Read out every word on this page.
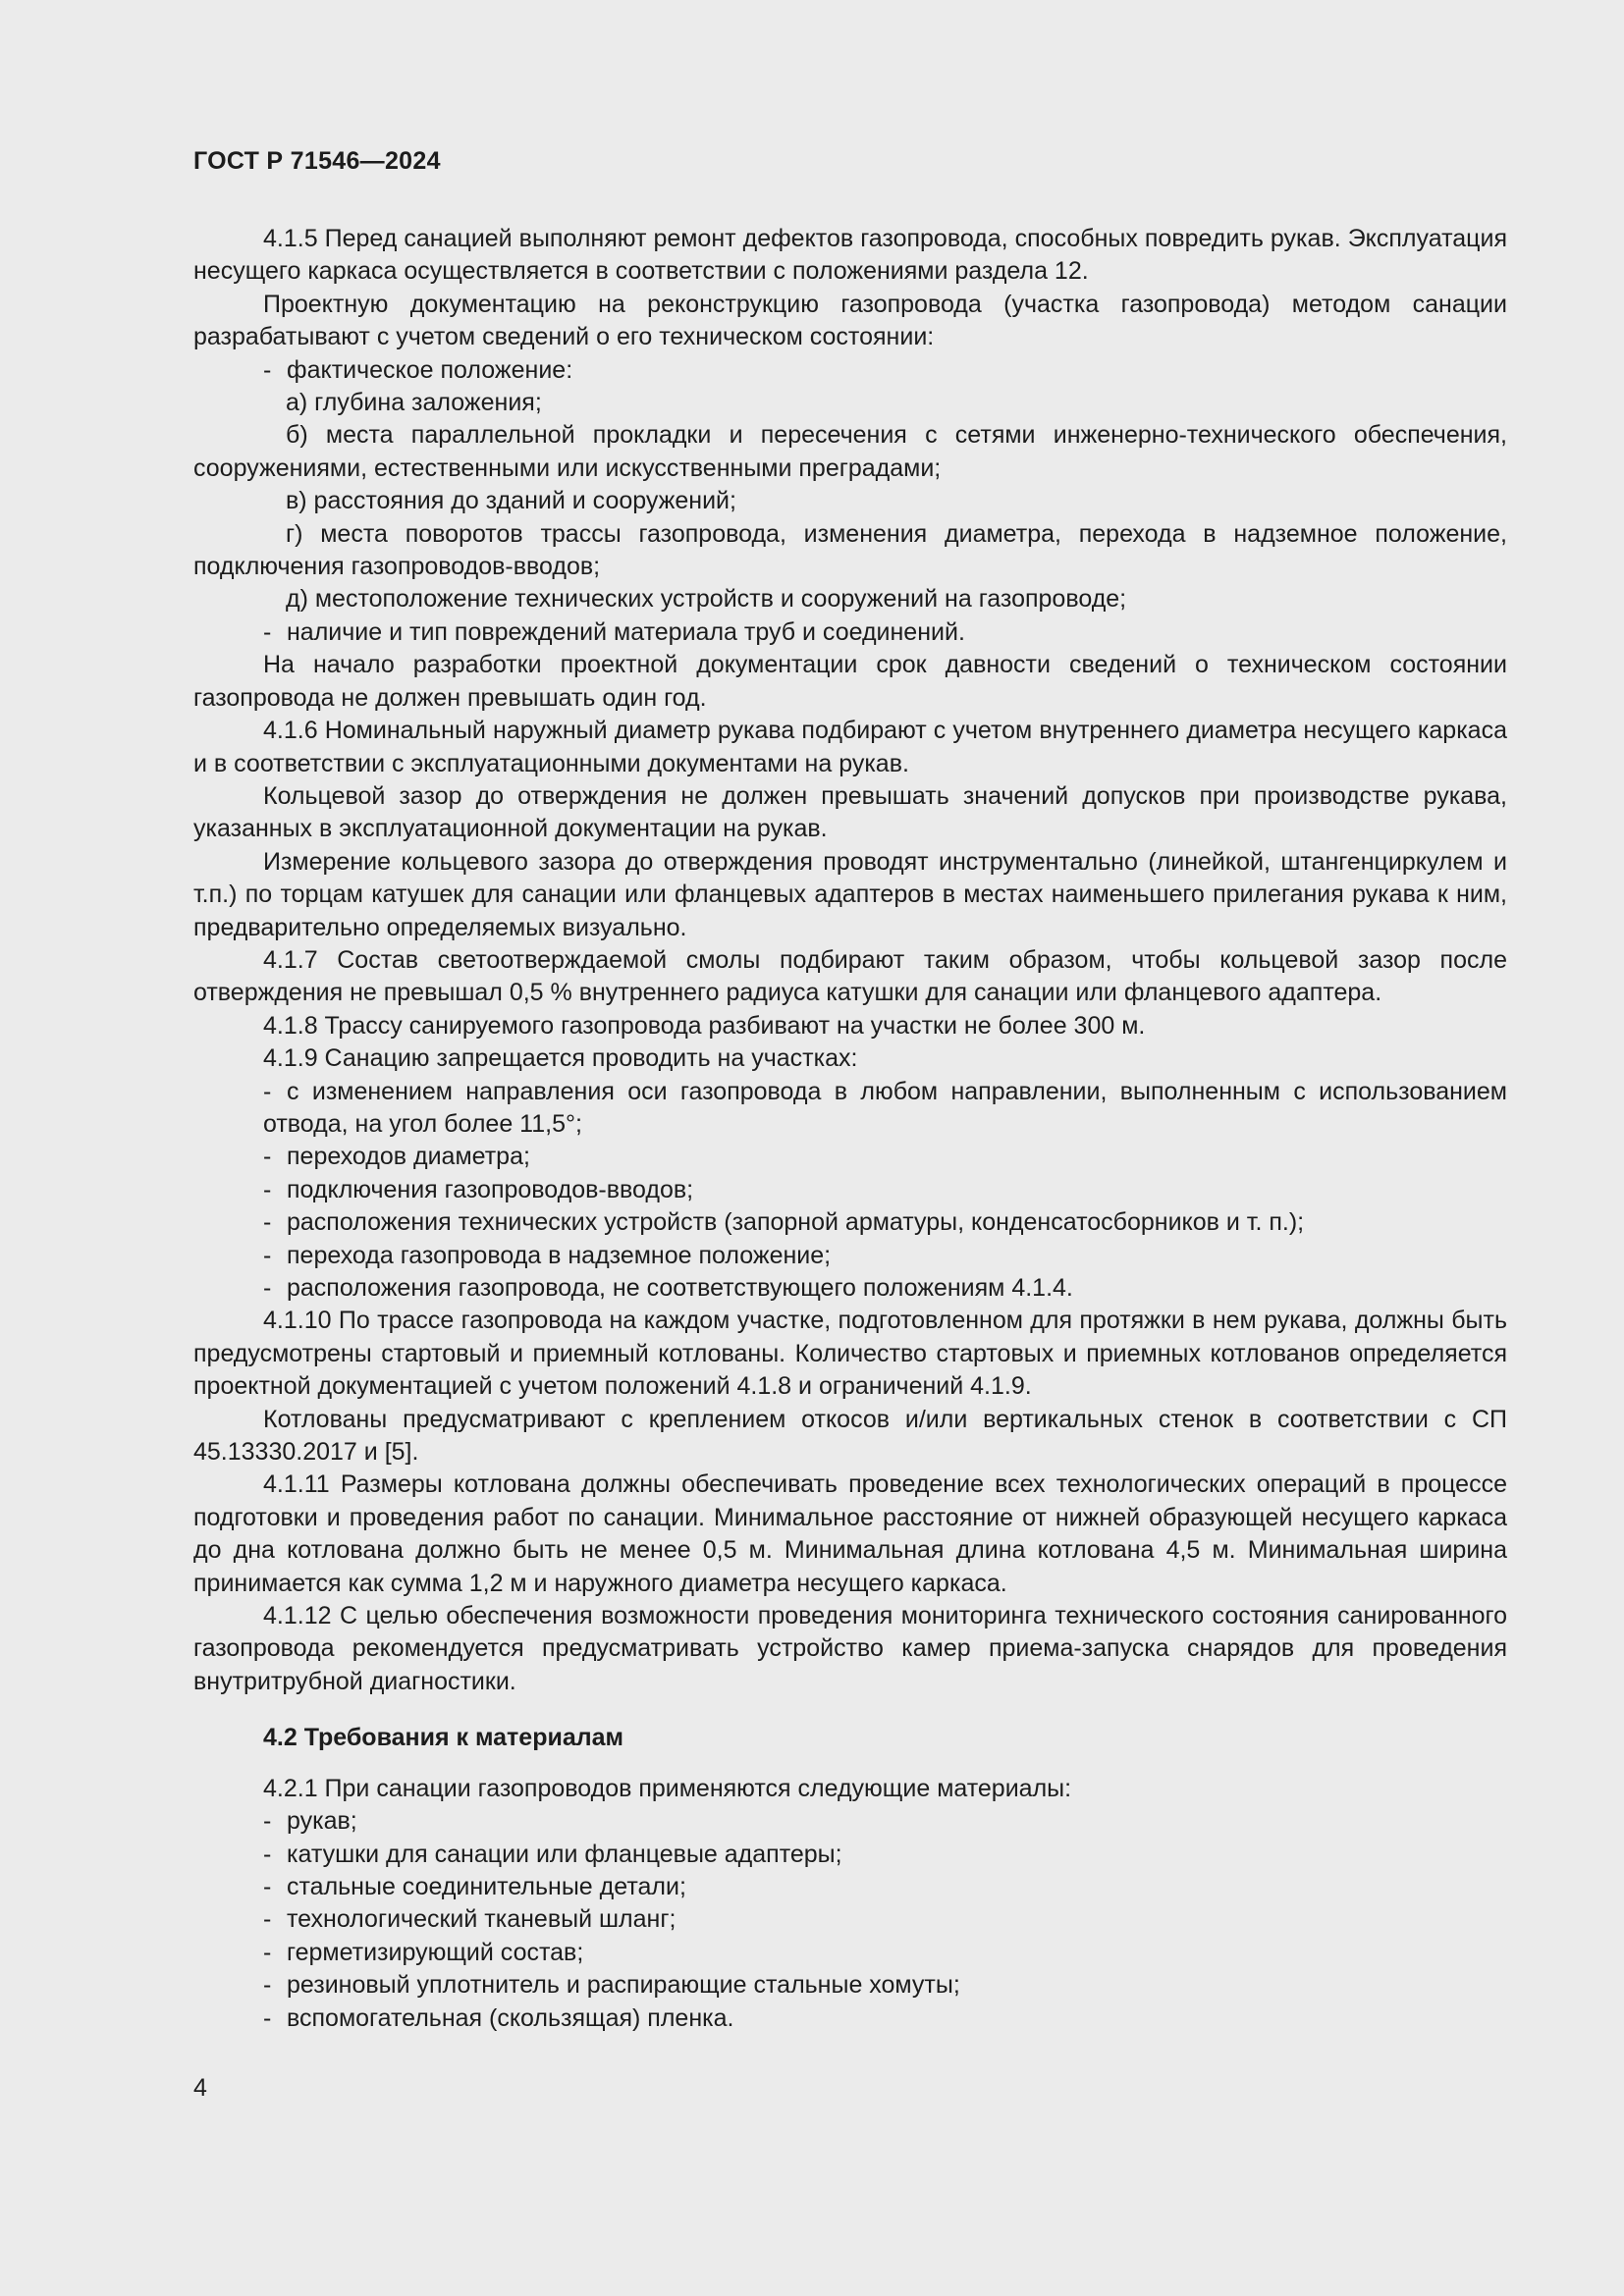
ГОСТ Р 71546—2024
4.1.5 Перед санацией выполняют ремонт дефектов газопровода, способных повредить рукав. Эксплуатация несущего каркаса осуществляется в соответствии с положениями раздела 12.
Проектную документацию на реконструкцию газопровода (участка газопровода) методом санации разрабатывают с учетом сведений о его техническом состоянии:
- фактическое положение:
а) глубина заложения;
б) места параллельной прокладки и пересечения с сетями инженерно-технического обеспечения, сооружениями, естественными или искусственными преградами;
в) расстояния до зданий и сооружений;
г) места поворотов трассы газопровода, изменения диаметра, перехода в надземное положение, подключения газопроводов-вводов;
д) местоположение технических устройств и сооружений на газопроводе;
- наличие и тип повреждений материала труб и соединений.
На начало разработки проектной документации срок давности сведений о техническом состоянии газопровода не должен превышать один год.
4.1.6 Номинальный наружный диаметр рукава подбирают с учетом внутреннего диаметра несущего каркаса и в соответствии с эксплуатационными документами на рукав.
Кольцевой зазор до отверждения не должен превышать значений допусков при производстве рукава, указанных в эксплуатационной документации на рукав.
Измерение кольцевого зазора до отверждения проводят инструментально (линейкой, штангенциркулем и т.п.) по торцам катушек для санации или фланцевых адаптеров в местах наименьшего прилегания рукава к ним, предварительно определяемых визуально.
4.1.7 Состав светоотверждаемой смолы подбирают таким образом, чтобы кольцевой зазор после отверждения не превышал 0,5 % внутреннего радиуса катушки для санации или фланцевого адаптера.
4.1.8 Трассу санируемого газопровода разбивают на участки не более 300 м.
4.1.9 Санацию запрещается проводить на участках:
- с изменением направления оси газопровода в любом направлении, выполненным с использованием отвода, на угол более 11,5°;
- переходов диаметра;
- подключения газопроводов-вводов;
- расположения технических устройств (запорной арматуры, конденсатосборников и т. п.);
- перехода газопровода в надземное положение;
- расположения газопровода, не соответствующего положениям 4.1.4.
4.1.10 По трассе газопровода на каждом участке, подготовленном для протяжки в нем рукава, должны быть предусмотрены стартовый и приемный котлованы. Количество стартовых и приемных котлованов определяется проектной документацией с учетом положений 4.1.8 и ограничений 4.1.9.
Котлованы предусматривают с креплением откосов и/или вертикальных стенок в соответствии с СП 45.13330.2017 и [5].
4.1.11 Размеры котлована должны обеспечивать проведение всех технологических операций в процессе подготовки и проведения работ по санации. Минимальное расстояние от нижней образующей несущего каркаса до дна котлована должно быть не менее 0,5 м. Минимальная длина котлована 4,5 м. Минимальная ширина принимается как сумма 1,2 м и наружного диаметра несущего каркаса.
4.1.12 С целью обеспечения возможности проведения мониторинга технического состояния санированного газопровода рекомендуется предусматривать устройство камер приема-запуска снарядов для проведения внутритрубной диагностики.
4.2 Требования к материалам
4.2.1 При санации газопроводов применяются следующие материалы:
- рукав;
- катушки для санации или фланцевые адаптеры;
- стальные соединительные детали;
- технологический тканевый шланг;
- герметизирующий состав;
- резиновый уплотнитель и распирающие стальные хомуты;
- вспомогательная (скользящая) пленка.
4
